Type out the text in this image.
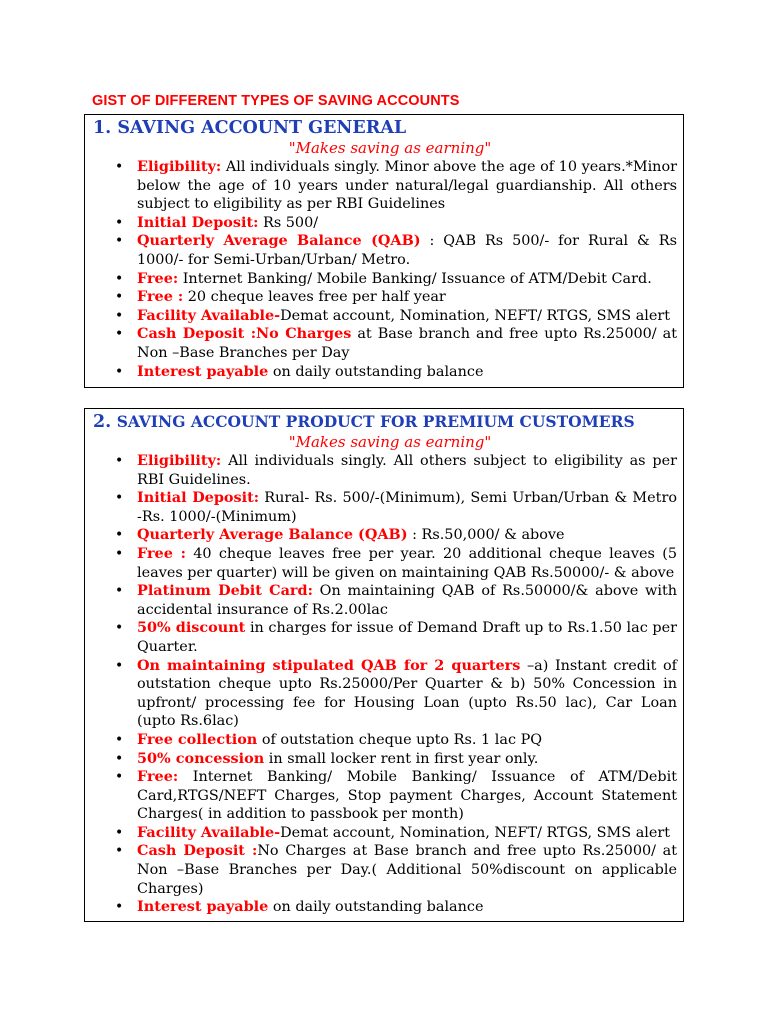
GIST OF DIFFERENT TYPES OF SAVING ACCOUNTS

1. SAVING ACCOUNT GENERAL

"Makes saving as earning"

• Eligibility: All individuals singly. Minor above the age of 10 years.*Minor below the age of 10 years under natural/legal guardianship. All others subject to eligibility as per RBI Guidelines
• Initial Deposit: Rs 500/
• Quarterly Average Balance (QAB) : QAB Rs 500/- for Rural & Rs 1000/- for Semi-Urban/Urban/ Metro.
• Free: Internet Banking/ Mobile Banking/ Issuance of ATM/Debit Card.
• Free : 20 cheque leaves free per half year
• Facility Available-Demat account, Nomination, NEFT/ RTGS, SMS alert
• Cash Deposit :No Charges at Base branch and free upto Rs.25000/ at Non –Base Branches per Day
• Interest payable on daily outstanding balance

2. SAVING ACCOUNT PRODUCT FOR PREMIUM CUSTOMERS

"Makes saving as earning"

• Eligibility: All individuals singly. All others subject to eligibility as per RBI Guidelines.
• Initial Deposit: Rural- Rs. 500/-(Minimum), Semi Urban/Urban & Metro -Rs. 1000/-(Minimum)
• Quarterly Average Balance (QAB) : Rs.50,000/ & above
• Free : 40 cheque leaves free per year. 20 additional cheque leaves (5 leaves per quarter) will be given on maintaining QAB Rs.50000/- & above
• Platinum Debit Card: On maintaining QAB of Rs.50000/& above with accidental insurance of Rs.2.00lac
• 50% discount in charges for issue of Demand Draft up to Rs.1.50 lac per Quarter.
• On maintaining stipulated QAB for 2 quarters –a) Instant credit of outstation cheque upto Rs.25000/Per Quarter & b) 50% Concession in upfront/ processing fee for Housing Loan (upto Rs.50 lac), Car Loan (upto Rs.6lac)
• Free collection of outstation cheque upto Rs. 1 lac PQ
• 50% concession in small locker rent in first year only.
• Free: Internet Banking/ Mobile Banking/ Issuance of ATM/Debit Card,RTGS/NEFT Charges, Stop payment Charges, Account Statement Charges( in addition to passbook per month)
• Facility Available-Demat account, Nomination, NEFT/ RTGS, SMS alert
• Cash Deposit :No Charges at Base branch and free upto Rs.25000/ at Non –Base Branches per Day.( Additional 50%discount on applicable Charges)
• Interest payable on daily outstanding balance
